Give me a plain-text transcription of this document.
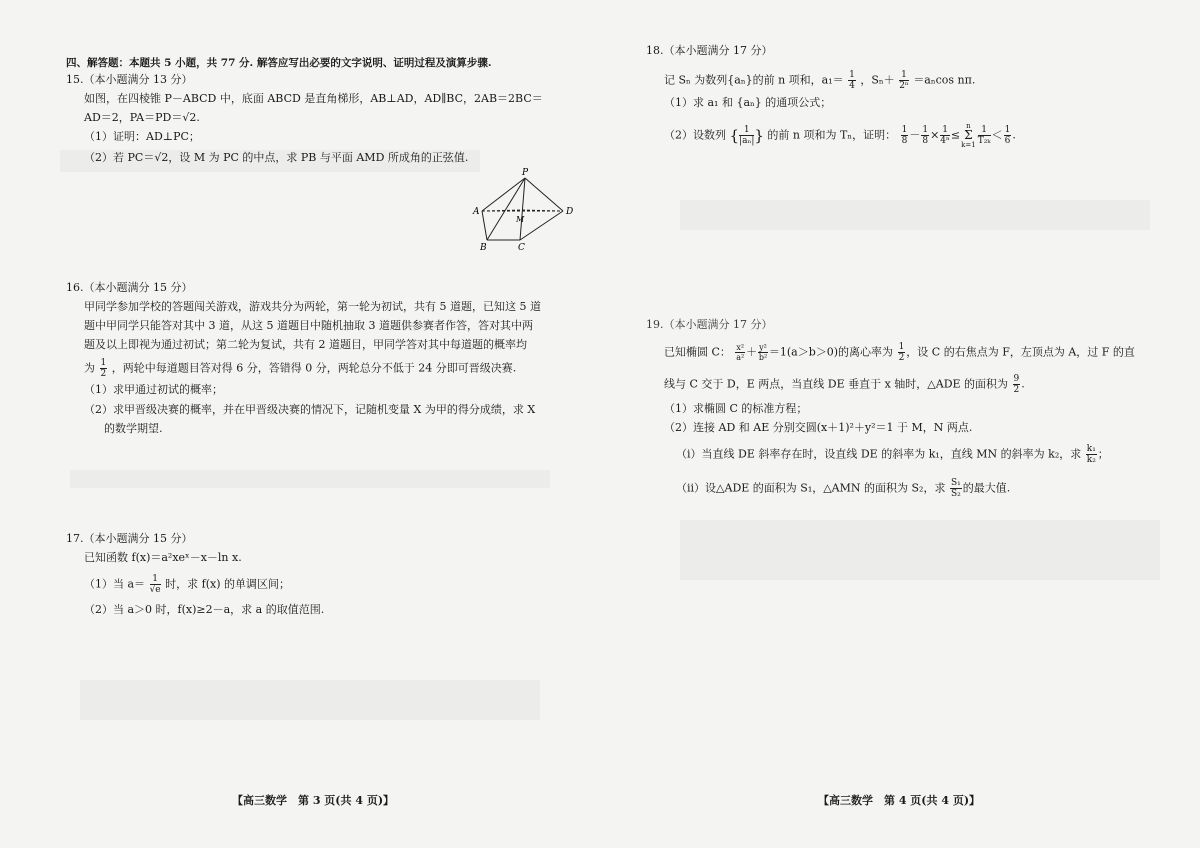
四、解答题：本题共 5 小题，共 77 分. 解答应写出必要的文字说明、证明过程及演算步骤.
15.（本小题满分 13 分）
如图，在四棱锥 P－ABCD 中，底面 ABCD 是直角梯形，AB⊥AD，AD∥BC，2AB＝2BC＝
AD＝2，PA＝PD＝√2.
（1）证明：AD⊥PC；
（2）若 PC＝√2，设 M 为 PC 的中点，求 PB 与平面 AMD 所成角的正弦值.
P
A
B	C
D
M
16.（本小题满分 15 分）
甲同学参加学校的答题闯关游戏，游戏共分为两轮，第一轮为初试，共有 5 道题，已知这 5 道
题中甲同学只能答对其中 3 道，从这 5 道题目中随机抽取 3 道题供参赛者作答，答对其中两
题及以上即视为通过初试；第二轮为复试，共有 2 道题目，甲同学答对其中每道题的概率均
为 $\frac{1}{2}$ ，两轮中每道题目答对得 6 分，答错得 0 分，两轮总分不低于 24 分即可晋级决赛.
（1）求甲通过初试的概率；
（2）求甲晋级决赛的概率，并在甲晋级决赛的情况下，记随机变量 X 为甲的得分成绩，求 X
的数学期望.
17.（本小题满分 15 分）
已知函数 f(x)＝a²xeˣ－x－ln x.
（1）当 $a= \frac{1}{√e}$ 时，求 f(x) 的单调区间；
（2）当 a＞0 时，f(x)≥2－a，求 a 的取值范围.
【高三数学　第 3 页(共 4 页)】
18.（本小题满分 17 分）
记 Sₙ 为数列{aₙ}的前 n 项和，$a_1= \frac{1}{4}$ ，$S_n+ \frac{1}{\text{2ⁿ}} =a_n\cos$ nπ.
（1）求 a₁ 和 {aₙ} 的通项公式；
（2）设数列 { $\frac{1}{\text{|aₙ|}}$ } 的前 n 项和为 Tₙ，证明： $\frac{1}{8} - \frac{1}{8} \times \frac{1}{\text{4ⁿ}}$ ≤
n
Σ
$k=1 \frac{1}{\text{T₂ₖ}} < \frac{1}{6}$ .
19.（本小题满分 17 分）
已知椭圆 C： $\frac{\text{x²}}{\text{a²}} + \frac{\text{y²}}{\text{b²}} =1(a>b>0)$的离心率为 $\frac{1}{2}$ ，设 C 的右焦点为 F，左顶点为 A，过 F 的直
线与 C 交于 D，E 两点，当直线 DE 垂直于 x 轴时，△ADE 的面积为 $\frac{9}{2}$ .
（1）求椭圆 C 的标准方程；
（2）连接 AD 和 AE 分别交圆(x＋1)²＋y²＝1 于 M，N 两点.
（ⅰ）当直线 DE 斜率存在时，设直线 DE 的斜率为 k₁，直线 MN 的斜率为 k₂，求 $\frac{\text{k₁}}{\text{k₂}}$ ；
（ⅱ）设△ADE 的面积为 S₁，△AMN 的面积为 S₂，求 $\frac{\text{S₁}}{\text{S₂}}$ 的最大值.
【高三数学　第 4 页(共 4 页)】
